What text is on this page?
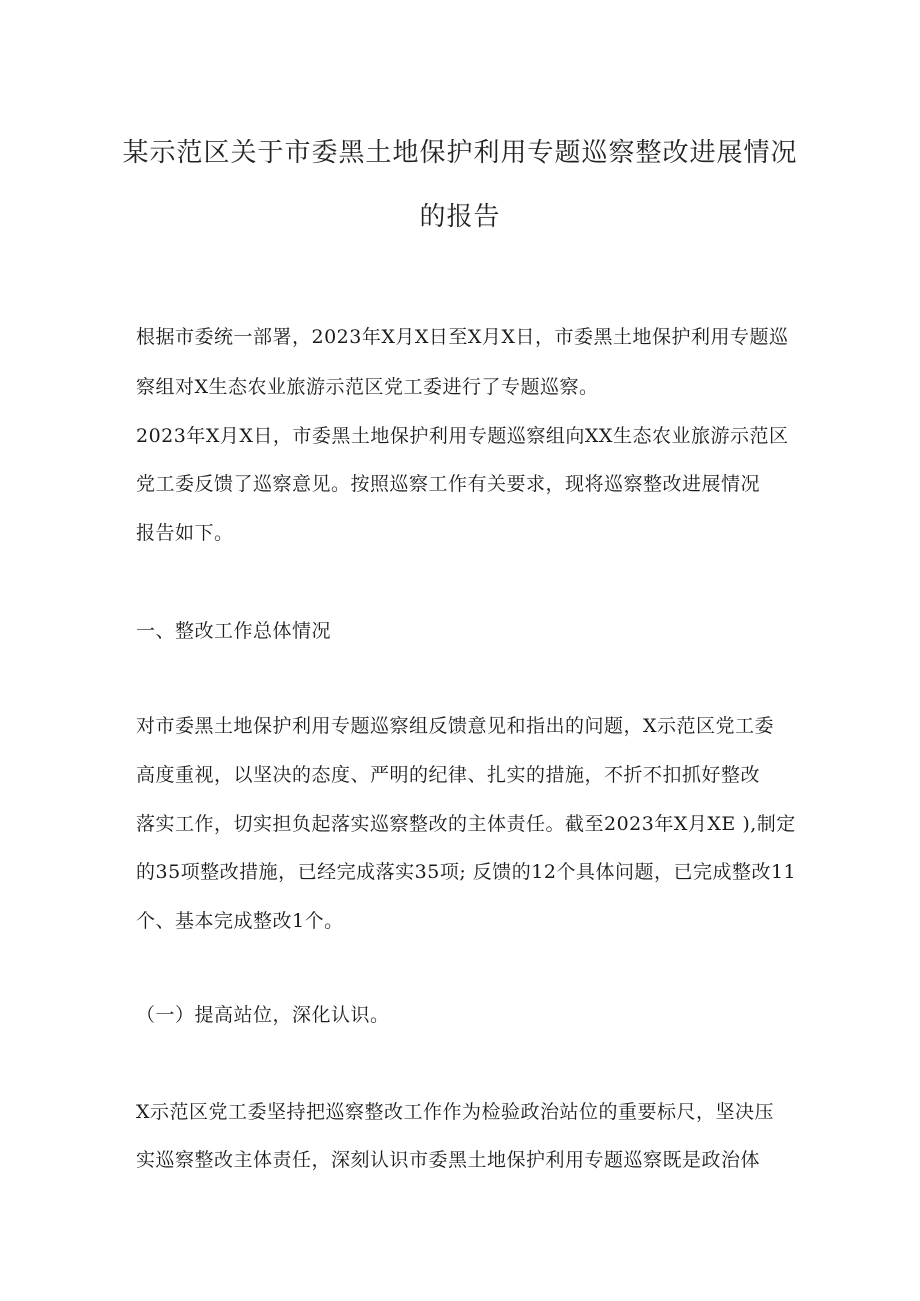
某示范区关于市委黑土地保护利用专题巡察整改进展情况
的报告
根据市委统一部署，2023年X月X日至X月X日，市委黑土地保护利用专题巡
察组对X生态农业旅游示范区党工委进行了专题巡察。
2023年X月X日，市委黑土地保护利用专题巡察组向XX生态农业旅游示范区
党工委反馈了巡察意见。按照巡察工作有关要求，现将巡察整改进展情况
报告如下。
一、整改工作总体情况
对市委黑土地保护利用专题巡察组反馈意见和指出的问题，X示范区党工委
高度重视，以坚决的态度、严明的纪律、扎实的措施，不折不扣抓好整改
落实工作，切实担负起落实巡察整改的主体责任。截至2023年X月XE ),制定
的35项整改措施，已经完成落实35项; 反馈的12个具体问题，已完成整改11
个、基本完成整改1个。
（一）提高站位，深化认识。
X示范区党工委坚持把巡察整改工作作为检验政治站位的重要标尺，坚决压
实巡察整改主体责任，深刻认识市委黑土地保护利用专题巡察既是政治体
